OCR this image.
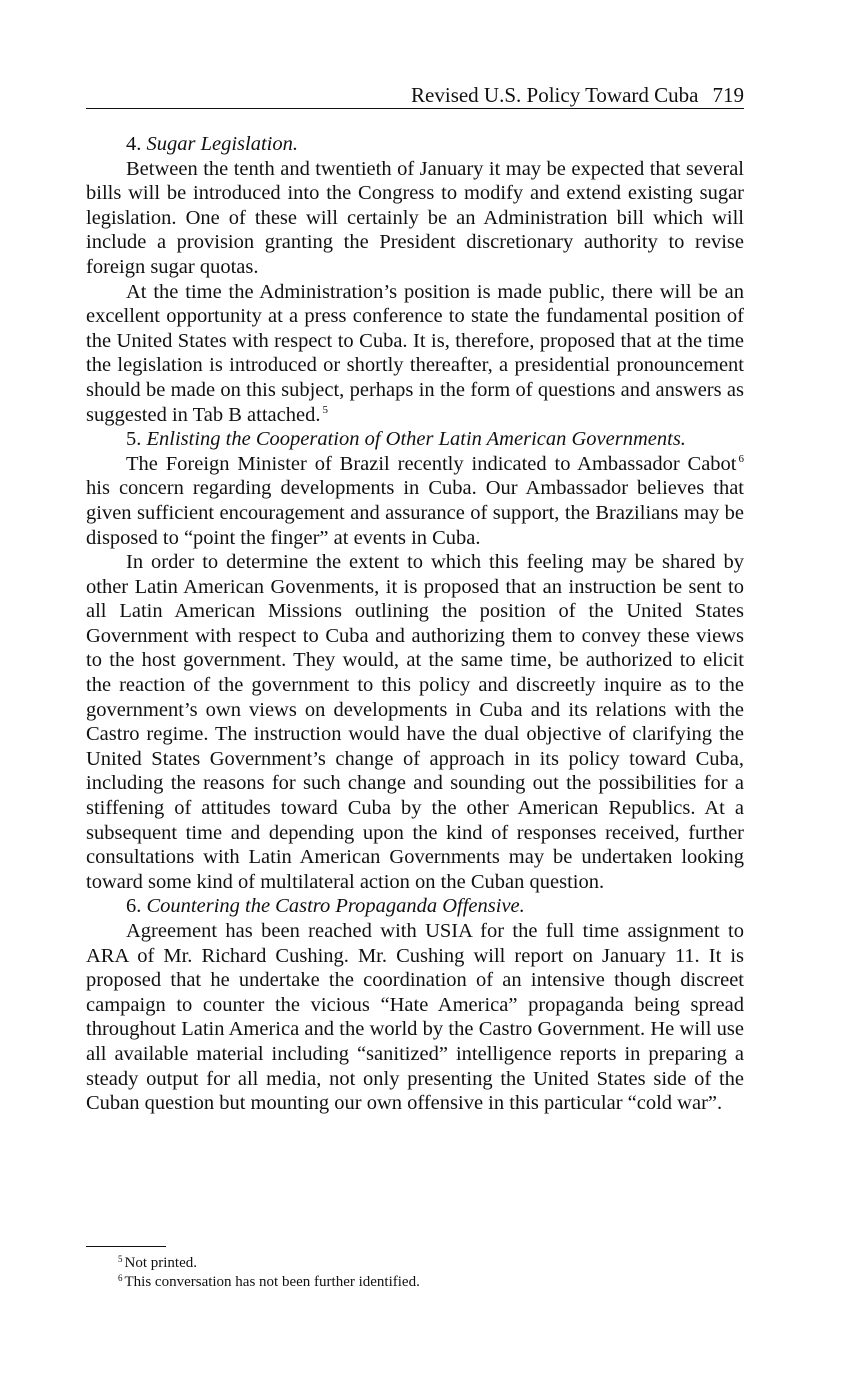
Revised U.S. Policy Toward Cuba 719

4. Sugar Legislation.

Between the tenth and twentieth of January it may be expected that several bills will be introduced into the Congress to modify and extend existing sugar legislation. One of these will certainly be an Administration bill which will include a provision granting the President discretionary authority to revise foreign sugar quotas.

At the time the Administration’s position is made public, there will be an excellent opportunity at a press conference to state the fundamental position of the United States with respect to Cuba. It is, therefore, proposed that at the time the legislation is introduced or shortly thereafter, a presidential pronouncement should be made on this subject, perhaps in the form of questions and answers as suggested in Tab B attached. $^5$

5. Enlisting the Cooperation of Other Latin American Governments.

The Foreign Minister of Brazil recently indicated to Ambassador Cabot $^6$ his concern regarding developments in Cuba. Our Ambassador believes that given sufficient encouragement and assurance of support, the Brazilians may be disposed to “point the finger” at events in Cuba.

In order to determine the extent to which this feeling may be shared by other Latin American Govenments, it is proposed that an instruction be sent to all Latin American Missions outlining the position of the United States Government with respect to Cuba and authorizing them to convey these views to the host government. They would, at the same time, be authorized to elicit the reaction of the government to this policy and discreetly inquire as to the government’s own views on developments in Cuba and its relations with the Castro regime. The instruction would have the dual objective of clarifying the United States Government’s change of approach in its policy toward Cuba, including the reasons for such change and sounding out the possibilities for a stiffening of attitudes toward Cuba by the other American Republics. At a subsequent time and depending upon the kind of responses received, further consultations with Latin American Governments may be undertaken looking toward some kind of multilateral action on the Cuban question.

6. Countering the Castro Propaganda Offensive.

Agreement has been reached with USIA for the full time assignment to ARA of Mr. Richard Cushing. Mr. Cushing will report on January 11. It is proposed that he undertake the coordination of an intensive though discreet campaign to counter the vicious “Hate America” propaganda being spread throughout Latin America and the world by the Castro Government. He will use all available material including “sanitized” intelligence reports in preparing a steady output for all media, not only presenting the United States side of the Cuban question but mounting our own offensive in this particular “cold war”.

$^5$ Not printed.
$^6$ This conversation has not been further identified.
